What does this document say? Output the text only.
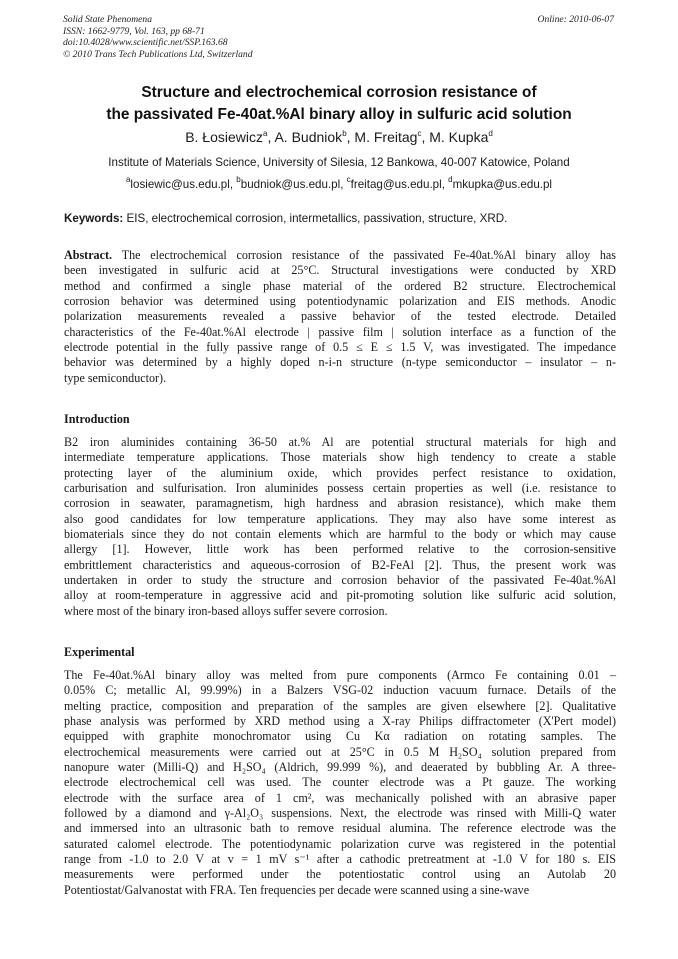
Solid State Phenomena
ISSN: 1662-9779, Vol. 163, pp 68-71
doi:10.4028/www.scientific.net/SSP.163.68
© 2010 Trans Tech Publications Ltd, Switzerland
Online: 2010-06-07
Structure and electrochemical corrosion resistance of
the passivated Fe-40at.%Al binary alloy in sulfuric acid solution
B. Łosiewicz$^a$, A. Budniok$^b$, M. Freitag$^c$, M. Kupka$^d$
Institute of Materials Science, University of Silesia, 12 Bankowa, 40-007 Katowice, Poland
$^a$losiewic@us.edu.pl, $^b$budniok@us.edu.pl, $^c$freitag@us.edu.pl, $^d$mkupka@us.edu.pl
Keywords: EIS, electrochemical corrosion, intermetallics, passivation, structure, XRD.
Abstract. The electrochemical corrosion resistance of the passivated Fe-40at.%Al binary alloy has
been investigated in sulfuric acid at 25°C. Structural investigations were conducted by XRD
method and confirmed a single phase material of the ordered B2 structure. Electrochemical
corrosion behavior was determined using potentiodynamic polarization and EIS methods. Anodic
polarization measurements revealed a passive behavior of the tested electrode. Detailed
characteristics of the Fe-40at.%Al electrode | passive film | solution interface as a function of the
electrode potential in the fully passive range of 0.5 ≤ E ≤ 1.5 V, was investigated. The impedance
behavior was determined by a highly doped n-i-n structure (n-type semiconductor – insulator – n-
type semiconductor).
Introduction
B2 iron aluminides containing 36-50 at.% Al are potential structural materials for high and
intermediate temperature applications. Those materials show high tendency to create a stable
protecting layer of the aluminium oxide, which provides perfect resistance to oxidation,
carburisation and sulfurisation. Iron aluminides possess certain properties as well (i.e. resistance to
corrosion in seawater, paramagnetism, high hardness and abrasion resistance), which make them
also good candidates for low temperature applications. They may also have some interest as
biomaterials since they do not contain elements which are harmful to the body or which may cause
allergy [1]. However, little work has been performed relative to the corrosion-sensitive
embrittlement characteristics and aqueous-corrosion of B2-FeAl [2]. Thus, the present work was
undertaken in order to study the structure and corrosion behavior of the passivated Fe-40at.%Al
alloy at room-temperature in aggressive acid and pit-promoting solution like sulfuric acid solution,
where most of the binary iron-based alloys suffer severe corrosion.
Experimental
The Fe-40at.%Al binary alloy was melted from pure components (Armco Fe containing 0.01 –
0.05% C; metallic Al, 99.99%) in a Balzers VSG-02 induction vacuum furnace. Details of the
melting practice, composition and preparation of the samples are given elsewhere [2]. Qualitative
phase analysis was performed by XRD method using a X-ray Philips diffractometer (X'Pert model)
equipped with graphite monochromator using Cu Kα radiation on rotating samples. The
electrochemical measurements were carried out at 25°C in 0.5 M H₂SO₄ solution prepared from
nanopure water (Milli-Q) and H₂SO₄ (Aldrich, 99.999 %), and deaerated by bubbling Ar. A three-
electrode electrochemical cell was used. The counter electrode was a Pt gauze. The working
electrode with the surface area of 1 cm², was mechanically polished with an abrasive paper
followed by a diamond and γ-Al₂O₃ suspensions. Next, the electrode was rinsed with Milli-Q water
and immersed into an ultrasonic bath to remove residual alumina. The reference electrode was the
saturated calomel electrode. The potentiodynamic polarization curve was registered in the potential
range from -1.0 to 2.0 V at v = 1 mV s⁻¹ after a cathodic pretreatment at -1.0 V for 180 s. EIS
measurements were performed under the potentiostatic control using an Autolab 20
Potentiostat/Galvanostat with FRA. Ten frequencies per decade were scanned using a sine-wave
